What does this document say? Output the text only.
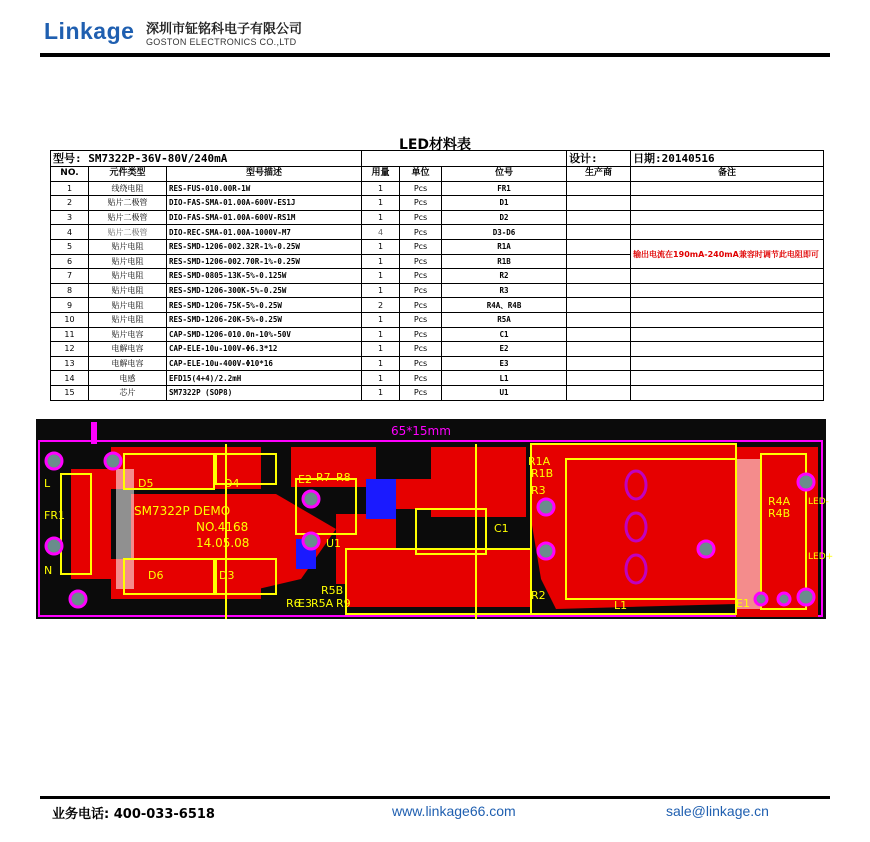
Linkage 深圳市钲铭科电子有限公司
GOSTON ELECTRONICS CO.,LTD
LED材料表
型号: SM7322P-36V-80V/240mA						设计:	日期:20140516
NO.	元件类型	型号描述	用量	单位	位号	生产商	备注
1	线绕电阻	RES-FUS-010.00R-1W	1	Pcs	FR1		
2	贴片二极管	DIO-FAS-SMA-01.00A-600V-ES1J	1	Pcs	D1		
3	贴片二极管	DIO-FAS-SMA-01.00A-600V-RS1M	1	Pcs	D2		
4	贴片二极管	DIO-REC-SMA-01.00A-1000V-M7	4	Pcs	D3-D6		
5	贴片电阻	RES-SMD-1206-002.32R-1%-0.25W	1	Pcs	R1A		输出电流在190mA-240mA兼容时调节此电阻即可
6	贴片电阻	RES-SMD-1206-002.70R-1%-0.25W	1	Pcs	R1B		
7	贴片电阻	RES-SMD-0805-13K-5%-0.125W	1	Pcs	R2		
8	贴片电阻	RES-SMD-1206-300K-5%-0.25W	1	Pcs	R3		
9	贴片电阻	RES-SMD-1206-75K-5%-0.25W	2	Pcs	R4A、R4B		
10	贴片电阻	RES-SMD-1206-20K-5%-0.25W	1	Pcs	R5A		
11	贴片电容	CAP-SMD-1206-010.0n-10%-50V	1	Pcs	C1		
12	电解电容	CAP-ELE-10u-100V-Φ6.3*12	1	Pcs	E2		
13	电解电容	CAP-ELE-10u-400V-Φ10*16	1	Pcs	E3		
14	电感	EFD15(4+4)/2.2mH	1	Pcs	L1		
15	芯片	SM7322P (SOP8)	1	Pcs	U1		
65*15mm
L
N
FR1
D5	D4
D6	D3
E2 R7 R8
U1
E3 R5A
R6	R9
R5B
C1
R1A
R1B
R3
R2
L1
R4A
R4B
E1
LED-
LED+
SM7322P DEMO
NO.4168
14.05.08
业务电话: 400-033-6518	www.linkage66.com	sale@linkage.cn
